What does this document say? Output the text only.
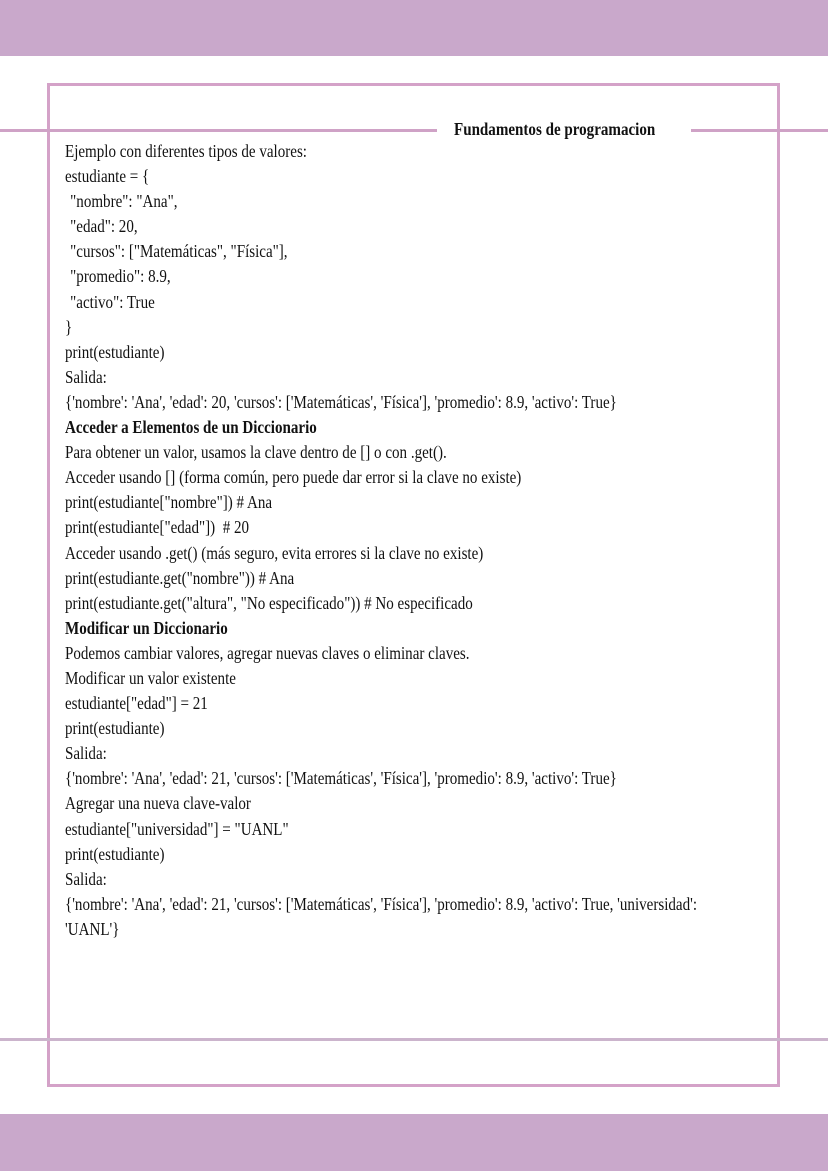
Fundamentos de programacion
Ejemplo con diferentes tipos de valores:
estudiante = {
"nombre": "Ana",
"edad": 20,
"cursos": ["Matemáticas", "Física"],
"promedio": 8.9,
"activo": True
}
print(estudiante)
Salida:
{'nombre': 'Ana', 'edad': 20, 'cursos': ['Matemáticas', 'Física'], 'promedio': 8.9, 'activo': True}
Acceder a Elementos de un Diccionario
Para obtener un valor, usamos la clave dentro de [] o con .get().
Acceder usando [] (forma común, pero puede dar error si la clave no existe)
print(estudiante["nombre"]) # Ana
print(estudiante["edad"])  # 20
Acceder usando .get() (más seguro, evita errores si la clave no existe)
print(estudiante.get("nombre")) # Ana
print(estudiante.get("altura", "No especificado")) # No especificado
Modificar un Diccionario
Podemos cambiar valores, agregar nuevas claves o eliminar claves.
Modificar un valor existente
estudiante["edad"] = 21
print(estudiante)
Salida:
{'nombre': 'Ana', 'edad': 21, 'cursos': ['Matemáticas', 'Física'], 'promedio': 8.9, 'activo': True}
Agregar una nueva clave-valor
estudiante["universidad"] = "UANL"
print(estudiante)
Salida:
{'nombre': 'Ana', 'edad': 21, 'cursos': ['Matemáticas', 'Física'], 'promedio': 8.9, 'activo': True, 'universidad':
'UANL'}
